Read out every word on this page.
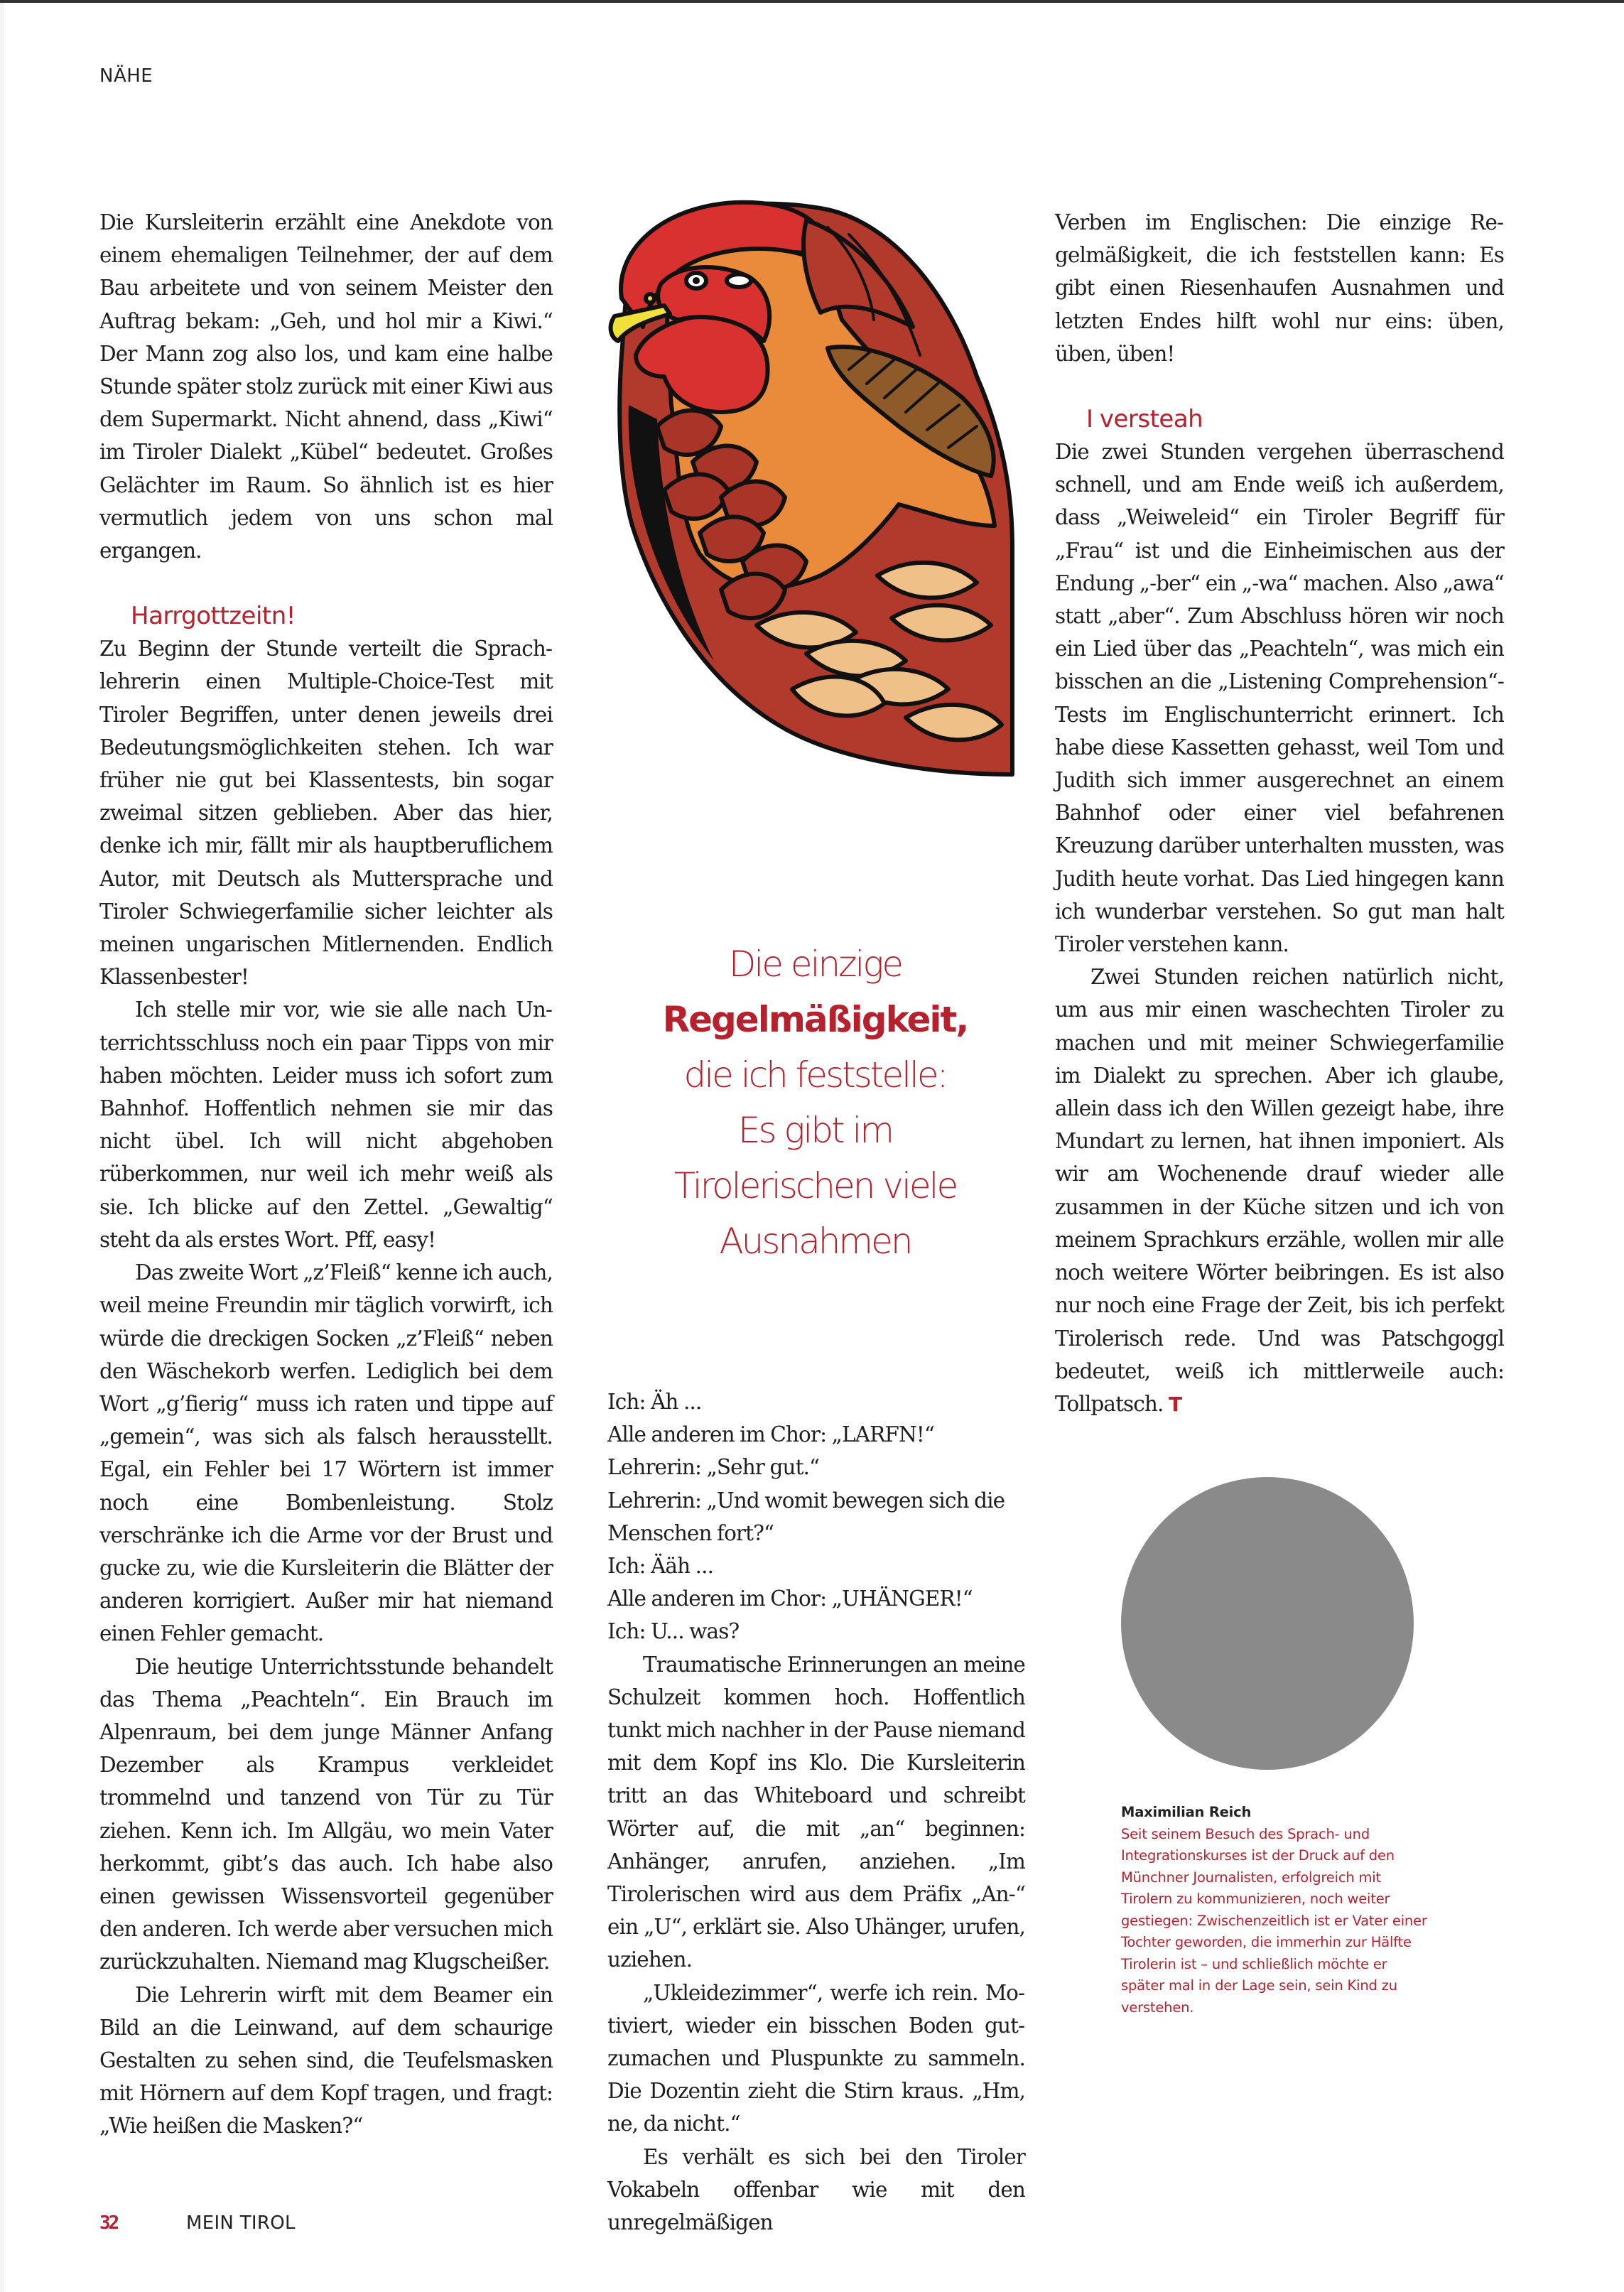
NÄHE

Die Kursleiterin erzählt eine Anekdote von einem ehemaligen Teilnehmer, der auf dem Bau arbeitete und von seinem Meister den Auftrag bekam: „Geh, und hol mir a Kiwi.“ Der Mann zog also los, und kam eine halbe Stunde später stolz zurück mit einer Kiwi aus dem Supermarkt. Nicht ahnend, dass „Kiwi“ im Tiroler Dialekt „Kübel“ bedeutet. Großes Gelächter im Raum. So ähnlich ist es hier vermutlich jedem von uns schon mal ergangen.

Harrgottzeitn!

Zu Beginn der Stunde verteilt die Sprachlehrerin einen Multiple-Choice-Test mit Tiroler Begriffen, unter denen jeweils drei Bedeutungsmöglichkeiten stehen. Ich war früher nie gut bei Klassentests, bin sogar zweimal sitzen geblieben. Aber das hier, denke ich mir, fällt mir als hauptberuflichem Autor, mit Deutsch als Muttersprache und Tiroler Schwiegerfamilie sicher leichter als meinen ungarischen Mitlernenden. Endlich Klassenbester!

Ich stelle mir vor, wie sie alle nach Unterrichtsschluss noch ein paar Tipps von mir haben möchten. Leider muss ich sofort zum Bahnhof. Hoffentlich nehmen sie mir das nicht übel. Ich will nicht abgehoben rüberkommen, nur weil ich mehr weiß als sie. Ich blicke auf den Zettel. „Gewaltig“ steht da als erstes Wort. Pff, easy!

Das zweite Wort „z’Fleiß“ kenne ich auch, weil meine Freundin mir täglich vorwirft, ich würde die dreckigen Socken „z’Fleiß“ neben den Wäschekorb werfen. Lediglich bei dem Wort „g’fierig“ muss ich raten und tippe auf „gemein“, was sich als falsch herausstellt. Egal, ein Fehler bei 17 Wörtern ist immer noch eine Bombenleistung. Stolz verschränke ich die Arme vor der Brust und gucke zu, wie die Kursleiterin die Blätter der anderen korrigiert. Außer mir hat niemand einen Fehler gemacht.

Die heutige Unterrichtsstunde behandelt das Thema „Peachteln“. Ein Brauch im Alpenraum, bei dem junge Männer Anfang Dezember als Krampus verkleidet trommelnd und tanzend von Tür zu Tür ziehen. Kenn ich. Im Allgäu, wo mein Vater herkommt, gibt’s das auch. Ich habe also einen gewissen Wissensvorteil gegenüber den anderen. Ich werde aber versuchen mich zurückzuhalten. Niemand mag Klugscheißer.

Die Lehrerin wirft mit dem Beamer ein Bild an die Leinwand, auf dem schaurige Gestalten zu sehen sind, die Teufelsmasken mit Hörnern auf dem Kopf tragen, und fragt: „Wie heißen die Masken?“

Die einzige
Regelmäßigkeit,
die ich feststelle:
Es gibt im
Tirolerischen viele
Ausnahmen

Ich: Äh ...

Alle anderen im Chor: „LARFN!“

Lehrerin: „Sehr gut.“

Lehrerin: „Und womit bewegen sich die Menschen fort?“

Ich: Ääh ...

Alle anderen im Chor: „UHÄNGER!“

Ich: U... was?

Traumatische Erinnerungen an meine Schulzeit kommen hoch. Hoffentlich tunkt mich nachher in der Pause niemand mit dem Kopf ins Klo. Die Kursleiterin tritt an das Whiteboard und schreibt Wörter auf, die mit „an“ beginnen: Anhänger, anrufen, anziehen. „Im Tirolerischen wird aus dem Präfix „An-“ ein „U“, erklärt sie. Also Uhänger, urufen, uziehen.

„Ukleidezimmer“, werfe ich rein. Motiviert, wieder ein bisschen Boden gutzumachen und Pluspunkte zu sammeln. Die Dozentin zieht die Stirn kraus. „Hm, ne, da nicht.“

Es verhält es sich bei den Tiroler Vokabeln offenbar wie mit den unregelmäßigen

Verben im Englischen: Die einzige Regelmäßigkeit, die ich feststellen kann: Es gibt einen Riesenhaufen Ausnahmen und letzten Endes hilft wohl nur eins: üben, üben, üben!

I versteah

Die zwei Stunden vergehen überraschend schnell, und am Ende weiß ich außerdem, dass „Weiweleid“ ein Tiroler Begriff für „Frau“ ist und die Einheimischen aus der Endung „-ber“ ein „-wa“ machen. Also „awa“ statt „aber“. Zum Abschluss hören wir noch ein Lied über das „Peachteln“, was mich ein bisschen an die „Listening Comprehension“-Tests im Englischunterricht erinnert. Ich habe diese Kassetten gehasst, weil Tom und Judith sich immer ausgerechnet an einem Bahnhof oder einer viel befahrenen Kreuzung darüber unterhalten mussten, was Judith heute vorhat. Das Lied hingegen kann ich wunderbar verstehen. So gut man halt Tiroler verstehen kann.

Zwei Stunden reichen natürlich nicht, um aus mir einen waschechten Tiroler zu machen und mit meiner Schwiegerfamilie im Dialekt zu sprechen. Aber ich glaube, allein dass ich den Willen gezeigt habe, ihre Mundart zu lernen, hat ihnen imponiert. Als wir am Wochenende drauf wieder alle zusammen in der Küche sitzen und ich von meinem Sprachkurs erzähle, wollen mir alle noch weitere Wörter beibringen. Es ist also nur noch eine Frage der Zeit, bis ich perfekt Tirolerisch rede. Und was Patschgoggl bedeutet, weiß ich mittlerweile auch: Tollpatsch. T

Maximilian Reich
Seit seinem Besuch des Sprach- und Integrationskurses ist der Druck auf den Münchner Journalisten, erfolgreich mit Tirolern zu kommunizieren, noch weiter gestiegen: Zwischenzeitlich ist er Vater einer Tochter geworden, die immerhin zur Hälfte Tirolerin ist – und schließlich möchte er später mal in der Lage sein, sein Kind zu verstehen.
32	MEIN TIROL
